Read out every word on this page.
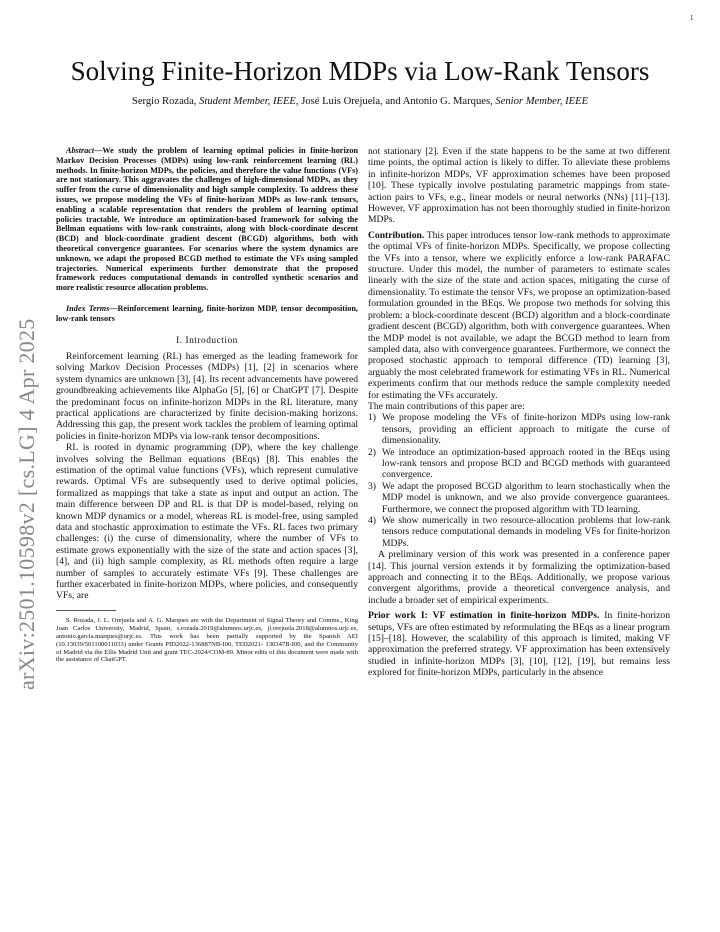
1
arXiv:2501.10598v2 [cs.LG] 4 Apr 2025
Solving Finite-Horizon MDPs via Low-Rank Tensors
Sergio Rozada, Student Member, IEEE, José Luis Orejuela, and Antonio G. Marques, Senior Member, IEEE

Abstract—We study the problem of learning optimal policies in finite-horizon Markov Decision Processes (MDPs) using low-rank reinforcement learning (RL) methods. In finite-horizon MDPs, the policies, and therefore the value functions (VFs) are not stationary. This aggravates the challenges of high-dimensional MDPs, as they suffer from the curse of dimensionality and high sample complexity. To address these issues, we propose modeling the VFs of finite-horizon MDPs as low-rank tensors, enabling a scalable representation that renders the problem of learning optimal policies tractable. We introduce an optimization-based framework for solving the Bellman equations with low-rank constraints, along with block-coordinate descent (BCD) and block-coordinate gradient descent (BCGD) algorithms, both with theoretical convergence guarantees. For scenarios where the system dynamics are unknown, we adapt the proposed BCGD method to estimate the VFs using sampled trajectories. Numerical experiments further demonstrate that the proposed framework reduces computational demands in controlled synthetic scenarios and more realistic resource allocation problems.

Index Terms—Reinforcement learning, finite-horizon MDP, tensor decomposition, low-rank tensors

I. Introduction

Reinforcement learning (RL) has emerged as the leading framework for solving Markov Decision Processes (MDPs) [1], [2] in scenarios where system dynamics are unknown [3], [4]. Its recent advancements have powered groundbreaking achievements like AlphaGo [5], [6] or ChatGPT [7]. Despite the predominant focus on infinite-horizon MDPs in the RL literature, many practical applications are characterized by finite decision-making horizons. Addressing this gap, the present work tackles the problem of learning optimal policies in finite-horizon MDPs via low-rank tensor decompositions.

RL is rooted in dynamic programming (DP), where the key challenge involves solving the Bellman equations (BEqs) [8]. This enables the estimation of the optimal value functions (VFs), which represent cumulative rewards. Optimal VFs are subsequently used to derive optimal policies, formalized as mappings that take a state as input and output an action. The main difference between DP and RL is that DP is model-based, relying on known MDP dynamics or a model, whereas RL is model-free, using sampled data and stochastic approximation to estimate the VFs. RL faces two primary challenges: (i) the curse of dimensionality, where the number of VFs to estimate grows exponentially with the size of the state and action spaces [3], [4], and (ii) high sample complexity, as RL methods often require a large number of samples to accurately estimate VFs [9]. These challenges are further exacerbated in finite-horizon MDPs, where policies, and consequently VFs, are

S. Rozada, J. L. Orejuela and A. G. Marques are with the Department of Signal Theory and Comms., King Juan Carlos University, Madrid, Spain, s.rozada.2019@alumnos.urjc.es, jl.orejuela.2018@alumnos.urjc.es, antonio.garcia.marques@urjc.es. This work has been partially supported by the Spanish AEI (10.13039/501100011033) under Grants PID2022-136887NB-I00, TED2021- 130347B-I00, and the Community of Madrid via the Ellis Madrid Unit and grant TEC-2024/COM-89. Minor edits of this document were made with the assistance of ChatGPT.

not stationary [2]. Even if the state happens to be the same at two different time points, the optimal action is likely to differ. To alleviate these problems in infinite-horizon MDPs, VF approximation schemes have been proposed [10]. These typically involve postulating parametric mappings from state-action pairs to VFs, e.g., linear models or neural networks (NNs) [11]–[13]. However, VF approximation has not been thoroughly studied in finite-horizon MDPs.

Contribution. This paper introduces tensor low-rank methods to approximate the optimal VFs of finite-horizon MDPs. Specifically, we propose collecting the VFs into a tensor, where we explicitly enforce a low-rank PARAFAC structure. Under this model, the number of parameters to estimate scales linearly with the size of the state and action spaces, mitigating the curse of dimensionality. To estimate the tensor VFs, we propose an optimization-based formulation grounded in the BEqs. We propose two methods for solving this problem: a block-coordinate descent (BCD) algorithm and a block-coordinate gradient descent (BCGD) algorithm, both with convergence guarantees. When the MDP model is not available, we adapt the BCGD method to learn from sampled data, also with convergence guarantees. Furthermore, we connect the proposed stochastic approach to temporal difference (TD) learning [3], arguably the most celebrated framework for estimating VFs in RL. Numerical experiments confirm that our methods reduce the sample complexity needed for estimating the VFs accurately.

The main contributions of this paper are:

1) We propose modeling the VFs of finite-horizon MDPs using low-rank tensors, providing an efficient approach to mitigate the curse of dimensionality.
2) We introduce an optimization-based approach rooted in the BEqs using low-rank tensors and propose BCD and BCGD methods with guaranteed convergence.
3) We adapt the proposed BCGD algorithm to learn stochastically when the MDP model is unknown, and we also provide convergence guarantees. Furthermore, we connect the proposed algorithm with TD learning.
4) We show numerically in two resource-allocation problems that low-rank tensors reduce computational demands in modeling VFs for finite-horizon MDPs.

A preliminary version of this work was presented in a conference paper [14]. This journal version extends it by formalizing the optimization-based approach and connecting it to the BEqs. Additionally, we propose various convergent algorithms, provide a theoretical convergence analysis, and include a broader set of empirical experiments.

Prior work I: VF estimation in finite-horizon MDPs. In finite-horizon setups, VFs are often estimated by reformulating the BEqs as a linear program [15]–[18]. However, the scalability of this approach is limited, making VF approximation the preferred strategy. VF approximation has been extensively studied in infinite-horizon MDPs [3], [10], [12], [19], but remains less explored for finite-horizon MDPs, particularly in the absence
